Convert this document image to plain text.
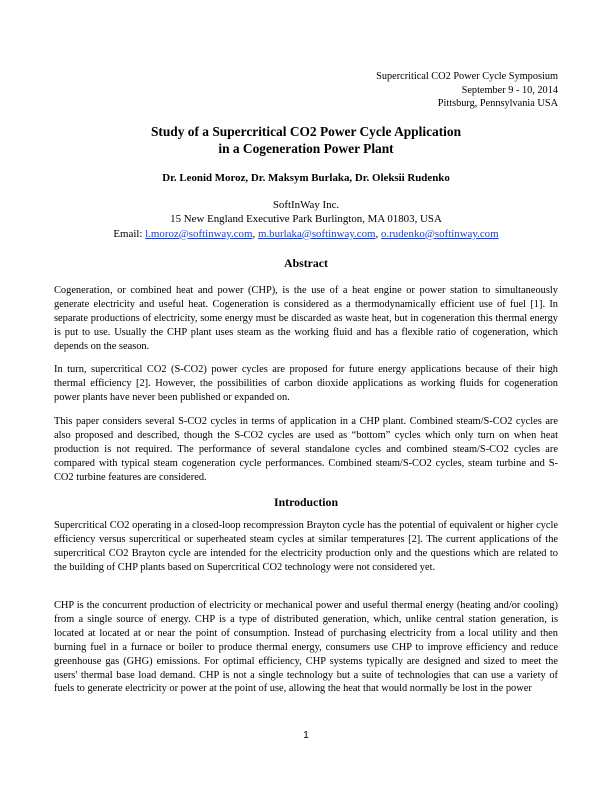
Supercritical CO2 Power Cycle Symposium
September 9 - 10, 2014
Pittsburg, Pennsylvania USA
Study of a Supercritical CO2 Power Cycle Application
in a Cogeneration Power Plant
Dr. Leonid Moroz, Dr. Maksym Burlaka, Dr. Oleksii Rudenko
SoftInWay Inc.
15 New England Executive Park Burlington, MA 01803, USA
Email: l.moroz@softinway.com, m.burlaka@softinway.com, o.rudenko@softinway.com
Abstract
Cogeneration, or combined heat and power (CHP), is the use of a heat engine or power station to simultaneously generate electricity and useful heat. Cogeneration is considered as a thermodynamically efficient use of fuel [1]. In separate productions of electricity, some energy must be discarded as waste heat, but in cogeneration this thermal energy is put to use. Usually the CHP plant uses steam as the working fluid and has a flexible ratio of cogeneration, which depends on the season.
In turn, supercritical CO2 (S-CO2) power cycles are proposed for future energy applications because of their high thermal efficiency [2]. However, the possibilities of carbon dioxide applications as working fluids for cogeneration power plants have never been published or expanded on.
This paper considers several S-CO2 cycles in terms of application in a CHP plant. Combined steam/S-CO2 cycles are also proposed and described, though the S-CO2 cycles are used as “bottom” cycles which only turn on when heat production is not required. The performance of several standalone cycles and combined steam/S-CO2 cycles are compared with typical steam cogeneration cycle performances. Combined steam/S-CO2 cycles, steam turbine and S-CO2 turbine features are considered.
Introduction
Supercritical CO2 operating in a closed-loop recompression Brayton cycle has the potential of equivalent or higher cycle efficiency versus supercritical or superheated steam cycles at similar temperatures [2]. The current applications of the supercritical CO2 Brayton cycle are intended for the electricity production only and the questions which are related to the building of CHP plants based on Supercritical CO2 technology were not considered yet.
CHP is the concurrent production of electricity or mechanical power and useful thermal energy (heating and/or cooling) from a single source of energy. CHP is a type of distributed generation, which, unlike central station generation, is located at located at or near the point of consumption. Instead of purchasing electricity from a local utility and then burning fuel in a furnace or boiler to produce thermal energy, consumers use CHP to improve efficiency and reduce greenhouse gas (GHG) emissions. For optimal efficiency, CHP systems typically are designed and sized to meet the users' thermal base load demand. CHP is not a single technology but a suite of technologies that can use a variety of fuels to generate electricity or power at the point of use, allowing the heat that would normally be lost in the power
1
